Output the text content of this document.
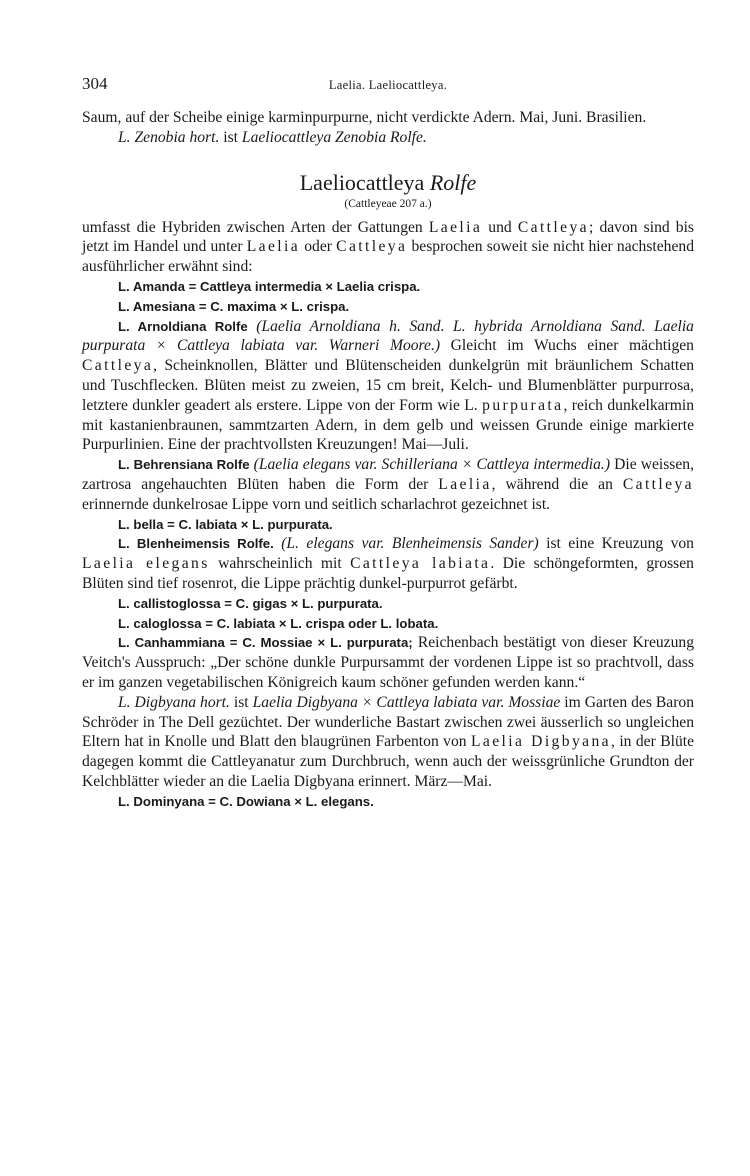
304	Laelia. Laeliocattleya.

Saum, auf der Scheibe einige karminpurpurne, nicht verdickte Adern. Mai, Juni. Brasilien.

L. Zenobia hort. ist Laeliocattleya Zenobia Rolfe.

Laeliocattleya Rolfe
(Cattleyeae 207 a.)

umfasst die Hybriden zwischen Arten der Gattungen Laelia und Cattleya; davon sind bis jetzt im Handel und unter Laelia oder Cattleya besprochen soweit sie nicht hier nachstehend ausführlicher erwähnt sind:

L. Amanda = Cattleya intermedia × Laelia crispa.

L. Amesiana = C. maxima × L. crispa.

L. Arnoldiana Rolfe (Laelia Arnoldiana h. Sand. L. hybrida Arnoldiana Sand. Laelia purpurata × Cattleya labiata var. Warneri Moore.) Gleicht im Wuchs einer mächtigen Cattleya, Scheinknollen, Blätter und Blütenscheiden dunkelgrün mit bräunlichem Schatten und Tuschflecken. Blüten meist zu zweien, 15 cm breit, Kelch- und Blumenblätter purpurrosa, letztere dunkler geadert als erstere. Lippe von der Form wie L. purpurata, reich dunkelkarmin mit kastanienbraunen, sammtzarten Adern, in dem gelb und weissen Grunde einige markierte Purpurlinien. Eine der prachtvollsten Kreuzungen! Mai—Juli.

L. Behrensiana Rolfe (Laelia elegans var. Schilleriana × Cattleya intermedia.) Die weissen, zartrosa angehauchten Blüten haben die Form der Laelia, während die an Cattleya erinnernde dunkelrosae Lippe vorn und seitlich scharlachrot gezeichnet ist.

L. bella = C. labiata × L. purpurata.

L. Blenheimensis Rolfe. (L. elegans var. Blenheimensis Sander) ist eine Kreuzung von Laelia elegans wahrscheinlich mit Cattleya labiata. Die schöngeformten, grossen Blüten sind tief rosenrot, die Lippe prächtig dunkel-purpurrot gefärbt.

L. callistoglossa = C. gigas × L. purpurata.

L. caloglossa = C. labiata × L. crispa oder L. lobata.

L. Canhammiana = C. Mossiae × L. purpurata; Reichenbach bestätigt von dieser Kreuzung Veitch's Ausspruch: „Der schöne dunkle Purpursammt der vordenen Lippe ist so prachtvoll, dass er im ganzen vegetabilischen Königreich kaum schöner gefunden werden kann.“

L. Digbyana hort. ist Laelia Digbyana × Cattleya labiata var. Mossiae im Garten des Baron Schröder in The Dell gezüchtet. Der wunderliche Bastart zwischen zwei äusserlich so ungleichen Eltern hat in Knolle und Blatt den blaugrünen Farbenton von Laelia Digbyana, in der Blüte dagegen kommt die Cattleyanatur zum Durchbruch, wenn auch der weissgrünliche Grundton der Kelchblätter wieder an die Laelia Digbyana erinnert. März—Mai.

L. Dominyana = C. Dowiana × L. elegans.
